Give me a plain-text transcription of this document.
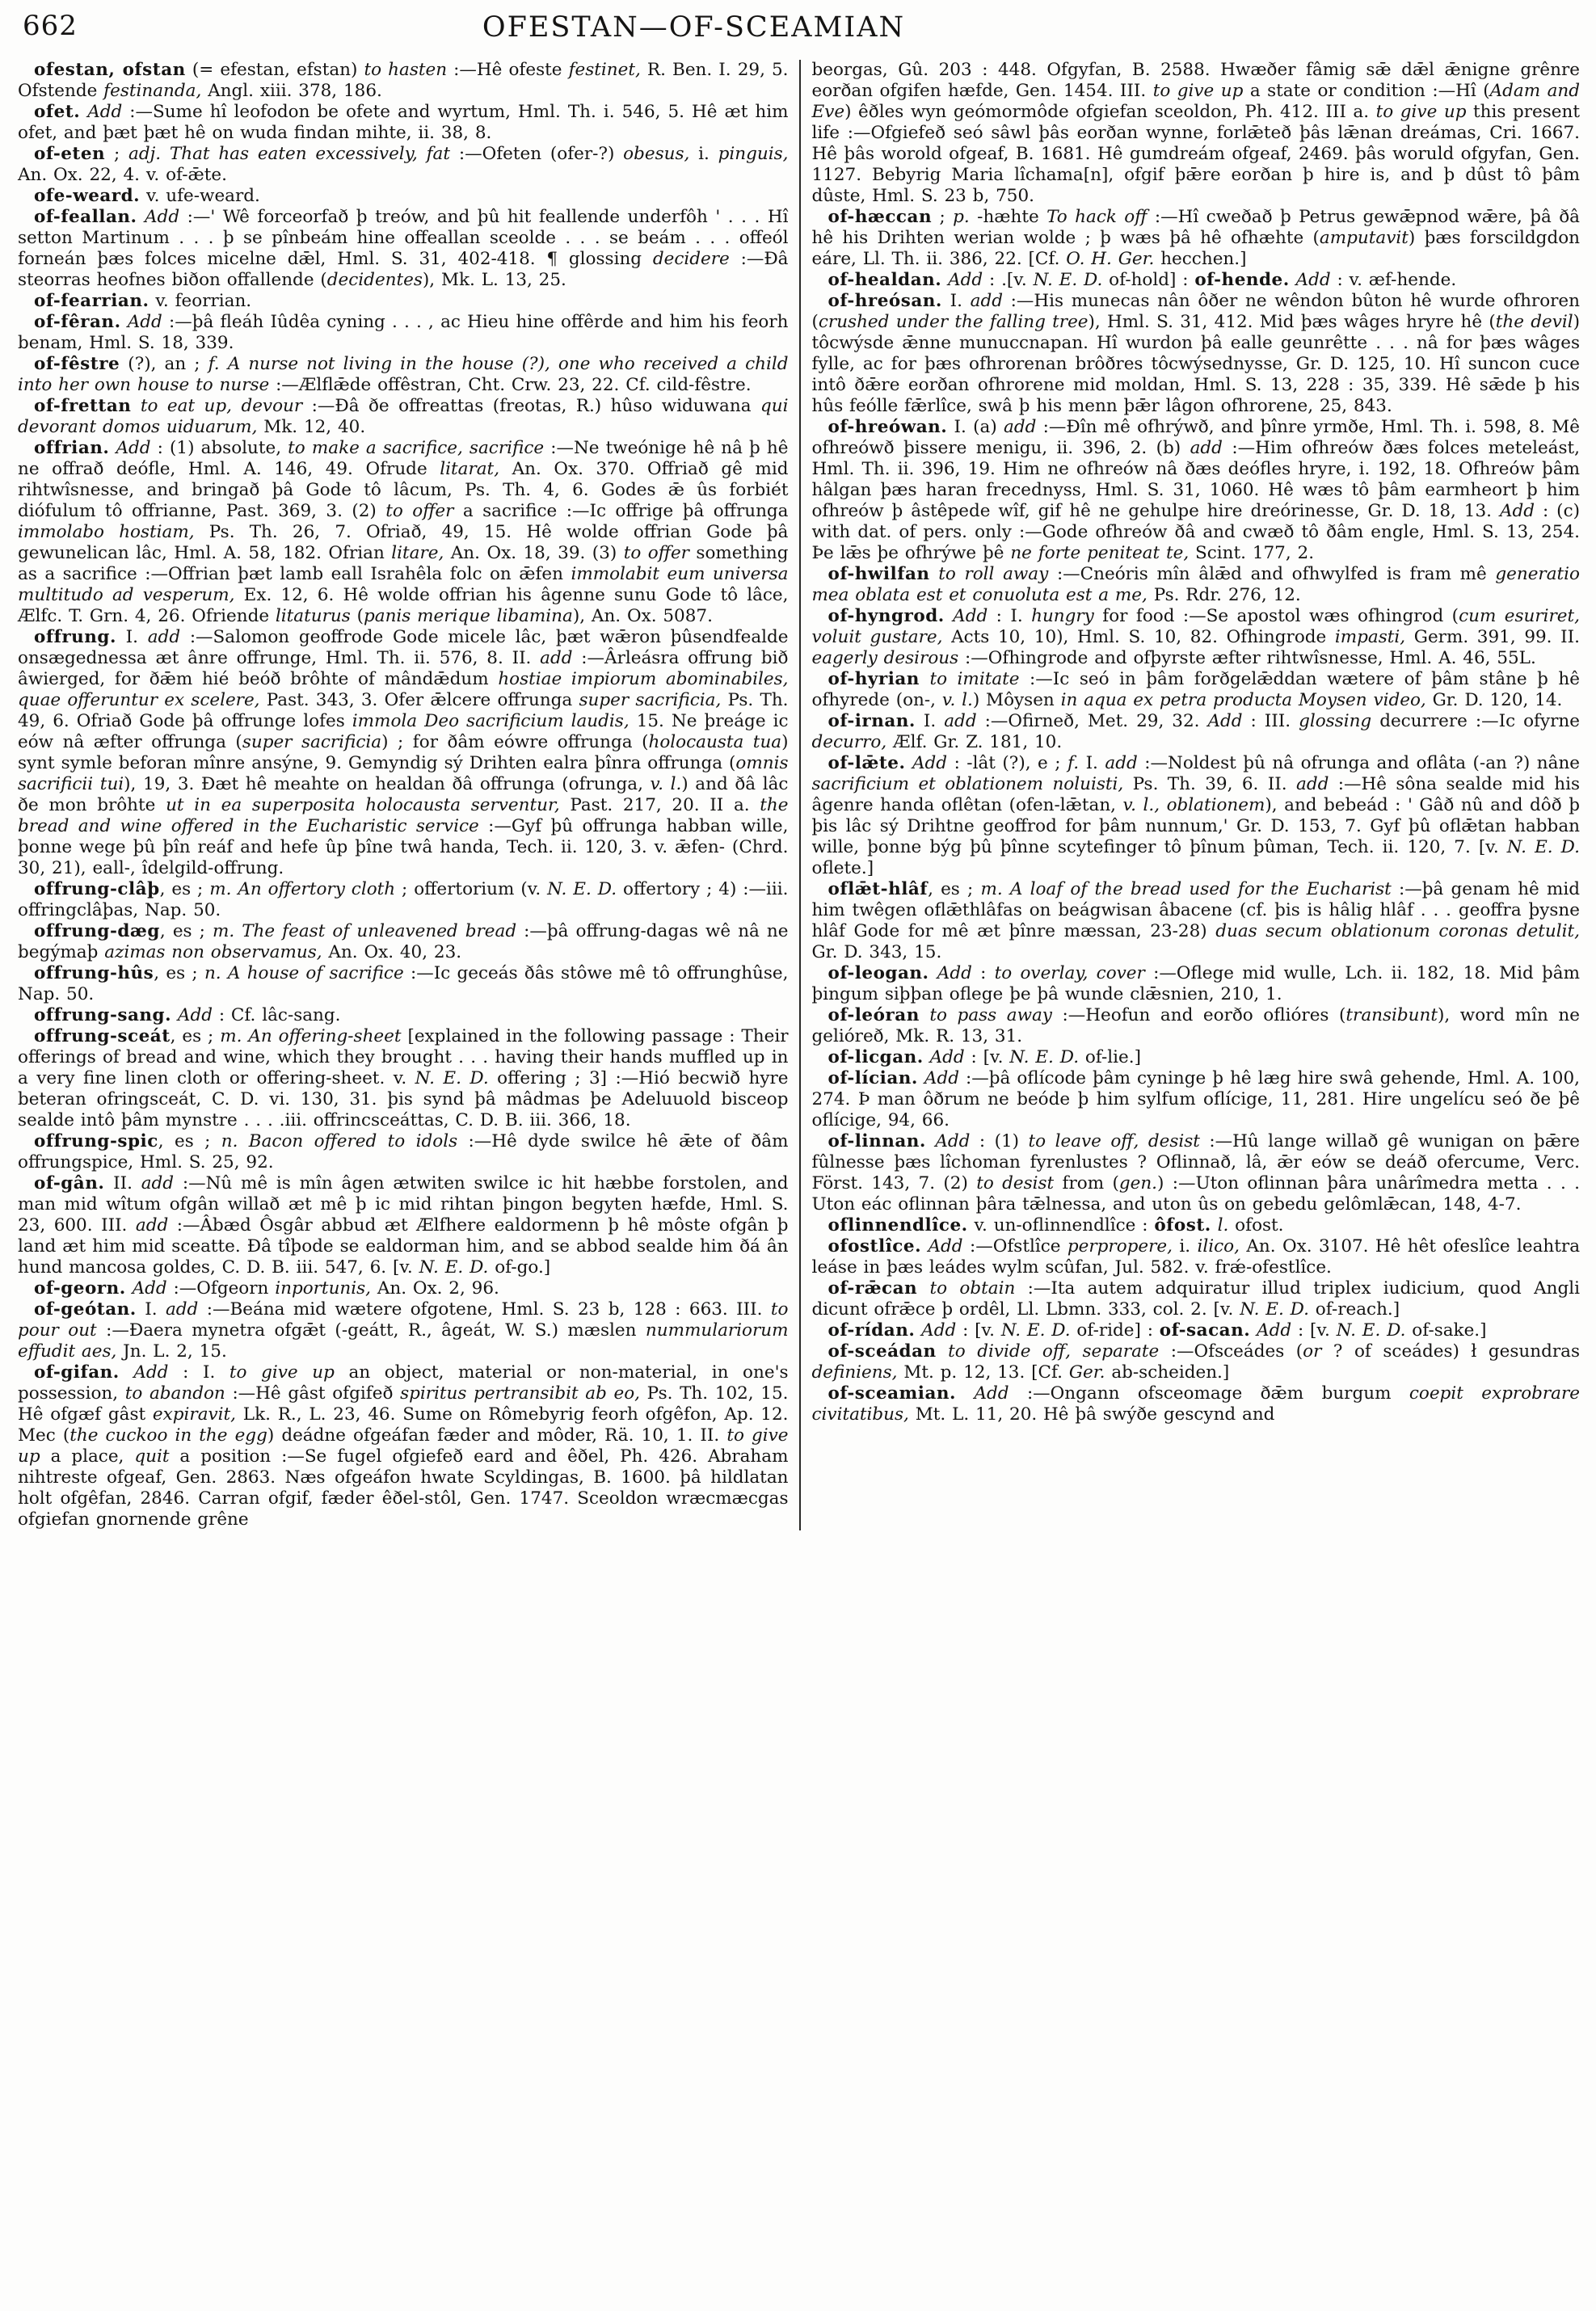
662	OFESTAN—OF-SCEAMIAN

ofestan, ofstan (= efestan, efstan) to hasten :—Hê ofeste festinet, R. Ben. I. 29, 5. Ofstende festinanda, Angl. xiii. 378, 186.

ofet. Add :—Sume hî leofodon be ofete and wyrtum, Hml. Th. i. 546, 5. Hê æt him ofet, and þæt þæt hê on wuda findan mihte, ii. 38, 8.

of-eten ; adj. That has eaten excessively, fat :—Ofeten (ofer-?) obesus, i. pinguis, An. Ox. 22, 4. v. of-ǣte.

ofe-weard. v. ufe-weard.

of-feallan. Add :—' Wê forceorfað þ treów, and þû hit feallende underfôh ' . . . Hî setton Martinum . . . þ se pînbeám hine offeallan sceolde . . . se beám . . . offeól forneán þæs folces micelne dǣl, Hml. S. 31, 402-418. ¶ glossing decidere :—Ðâ steorras heofnes biðon offallende (decidentes), Mk. L. 13, 25.

of-fearrian. v. feorrian.

of-fêran. Add :—þâ fleáh Iûdêa cyning . . . , ac Hieu hine offêrde and him his feorh benam, Hml. S. 18, 339.

of-fêstre (?), an ; f. A nurse not living in the house (?), one who received a child into her own house to nurse :—Ælflǣde offêstran, Cht. Crw. 23, 22. Cf. cild-fêstre.

of-frettan to eat up, devour :—Ðâ ðe offreattas (freotas, R.) hûso widuwana qui devorant domos uiduarum, Mk. 12, 40.

offrian. Add : (1) absolute, to make a sacrifice, sacrifice :—Ne tweónige hê nâ þ hê ne offrað deófle, Hml. A. 146, 49. Ofrude litarat, An. Ox. 370. Offriað gê mid rihtwîsnesse, and bringað þâ Gode tô lâcum, Ps. Th. 4, 6. Godes ǣ ûs forbiét diófulum tô offrianne, Past. 369, 3. (2) to offer a sacrifice :—Ic offrige þâ offrunga immolabo hostiam, Ps. Th. 26, 7. Ofriað, 49, 15. Hê wolde offrian Gode þâ gewunelican lâc, Hml. A. 58, 182. Ofrian litare, An. Ox. 18, 39. (3) to offer something as a sacrifice :—Offrian þæt lamb eall Israhêla folc on ǣfen immolabit eum universa multitudo ad vesperum, Ex. 12, 6. Hê wolde offrian his âgenne sunu Gode tô lâce, Ælfc. T. Grn. 4, 26. Ofriende litaturus (panis merique libamina), An. Ox. 5087.

offrung. I. add :—Salomon geoffrode Gode micele lâc, þæt wǣron þûsendfealde onsægednessa æt ânre offrunge, Hml. Th. ii. 576, 8. II. add :—Ârleásra offrung bið âwierged, for ðǣm hié beóð brôhte of mândǣdum hostiae impiorum abominabiles, quae offeruntur ex scelere, Past. 343, 3. Ofer ǣlcere offrunga super sacrificia, Ps. Th. 49, 6. Ofriað Gode þâ offrunge lofes immola Deo sacrificium laudis, 15. Ne þreáge ic eów nâ æfter offrunga (super sacrificia) ; for ðâm eówre offrunga (holocausta tua) synt symle beforan mînre ansýne, 9. Gemyndig sý Drihten ealra þînra offrunga (omnis sacrificii tui), 19, 3. Ðæt hê meahte on healdan ðâ offrunga (ofrunga, v. l.) and ðâ lâc ðe mon brôhte ut in ea superposita holocausta serventur, Past. 217, 20. II a. the bread and wine offered in the Eucharistic service :—Gyf þû offrunga habban wille, þonne wege þû þîn reáf and hefe ûp þîne twâ handa, Tech. ii. 120, 3. v. ǣfen- (Chrd. 30, 21), eall-, îdelgild-offrung.

offrung-clâþ, es ; m. An offertory cloth ; offertorium (v. N. E. D. offertory ; 4) :—iii. offringclâþas, Nap. 50.

offrung-dæg, es ; m. The feast of unleavened bread :—þâ offrung-dagas wê nâ ne begýmaþ azimas non observamus, An. Ox. 40, 23.

offrung-hûs, es ; n. A house of sacrifice :—Ic geceás ðâs stôwe mê tô offrunghûse, Nap. 50.

offrung-sang. Add : Cf. lâc-sang.

offrung-sceát, es ; m. An offering-sheet [explained in the following passage : Their offerings of bread and wine, which they brought . . . having their hands muffled up in a very fine linen cloth or offering-sheet. v. N. E. D. offering ; 3] :—Hió becwið hyre beteran ofringsceát, C. D. vi. 130, 31. þis synd þâ mâdmas þe Adeluuold bisceop sealde intô þâm mynstre . . . .iii. offrincsceáttas, C. D. B. iii. 366, 18.

offrung-spic, es ; n. Bacon offered to idols :—Hê dyde swilce hê ǣte of ðâm offrungspice, Hml. S. 25, 92.

of-gân. II. add :—Nû mê is mîn âgen ætwiten swilce ic hit hæbbe forstolen, and man mid wîtum ofgân willað æt mê þ ic mid rihtan þingon begyten hæfde, Hml. S. 23, 600. III. add :—Âbæd Ôsgâr abbud æt Ælfhere ealdormenn þ hê môste ofgân þ land æt him mid sceatte. Ðâ tîþode se ealdorman him, and se abbod sealde him ðá ân hund mancosa goldes, C. D. B. iii. 547, 6. [v. N. E. D. of-go.]

of-georn. Add :—Ofgeorn inportunis, An. Ox. 2, 96.

of-geótan. I. add :—Beána mid wætere ofgotene, Hml. S. 23 b, 128 : 663. III. to pour out :—Ðaera mynetra ofgǣt (-geátt, R., âgeát, W. S.) mæslen nummulariorum effudit aes, Jn. L. 2, 15.

of-gifan. Add : I. to give up an object, material or non-material, in one's possession, to abandon :—Hê gâst ofgifeð spiritus pertransibit ab eo, Ps. Th. 102, 15. Hê ofgæf gâst expiravit, Lk. R., L. 23, 46. Sume on Rômebyrig feorh ofgêfon, Ap. 12. Mec (the cuckoo in the egg) deádne ofgeáfan fæder and môder, Rä. 10, 1. II. to give up a place, quit a position :—Se fugel ofgiefeð eard and êðel, Ph. 426. Abraham nihtreste ofgeaf, Gen. 2863. Næs ofgeáfon hwate Scyldingas, B. 1600. þâ hildlatan holt ofgêfan, 2846. Carran ofgif, fæder êðel-stôl, Gen. 1747. Sceoldon wræcmæcgas ofgiefan gnornende grêne

beorgas, Gû. 203 : 448. Ofgyfan, B. 2588. Hwæðer fâmig sǣ dǣl ǣnigne grênre eorðan ofgifen hæfde, Gen. 1454. III. to give up a state or condition :—Hî (Adam and Eve) êðles wyn geómormôde ofgiefan sceoldon, Ph. 412. III a. to give up this present life :—Ofgiefeð seó sâwl þâs eorðan wynne, forlǣteð þâs lǣnan dreámas, Cri. 1667. Hê þâs worold ofgeaf, B. 1681. Hê gumdreám ofgeaf, 2469. þâs woruld ofgyfan, Gen. 1127. Bebyrig Maria lîchama[n], ofgif þǣre eorðan þ hire is, and þ dûst tô þâm dûste, Hml. S. 23 b, 750.

of-hæccan ; p. -hæhte To hack off :—Hî cweðað þ Petrus gewǣpnod wǣre, þâ ðâ hê his Drihten werian wolde ; þ wæs þâ hê ofhæhte (amputavit) þæs forscildgdon eáre, Ll. Th. ii. 386, 22. [Cf. O. H. Ger. hecchen.]

of-healdan. Add : .[v. N. E. D. of-hold] : of-hende. Add : v. æf-hende.

of-hreósan. I. add :—His munecas nân ôðer ne wêndon bûton hê wurde ofhroren (crushed under the falling tree), Hml. S. 31, 412. Mid þæs wâges hryre hê (the devil) tôcwýsde ǣnne munuccnapan. Hî wurdon þâ ealle geunrêtte . . . nâ for þæs wâges fylle, ac for þæs ofhrorenan brôðres tôcwýsednysse, Gr. D. 125, 10. Hî suncon cuce intô ðǣre eorðan ofhrorene mid moldan, Hml. S. 13, 228 : 35, 339. Hê sǣde þ his hûs feólle fǣrlîce, swâ þ his menn þǣr lâgon ofhrorene, 25, 843.

of-hreówan. I. (a) add :—Ðîn mê ofhrýwð, and þînre yrmðe, Hml. Th. i. 598, 8. Mê ofhreówð þissere menigu, ii. 396, 2. (b) add :—Him ofhreów ðæs folces meteleást, Hml. Th. ii. 396, 19. Him ne ofhreów nâ ðæs deófles hryre, i. 192, 18. Ofhreów þâm hâlgan þæs haran frecednyss, Hml. S. 31, 1060. Hê wæs tô þâm earmheort þ him ofhreów þ âstêpede wîf, gif hê ne gehulpe hire dreórinesse, Gr. D. 18, 13. Add : (c) with dat. of pers. only :—Gode ofhreów ðâ and cwæð tô ðâm engle, Hml. S. 13, 254. Þe lǣs þe ofhrýwe þê ne forte peniteat te, Scint. 177, 2.

of-hwilfan to roll away :—Cneóris mîn âlǣd and ofhwylfed is fram mê generatio mea oblata est et conuoluta est a me, Ps. Rdr. 276, 12.

of-hyngrod. Add : I. hungry for food :—Se apostol wæs ofhingrod (cum esuriret, voluit gustare, Acts 10, 10), Hml. S. 10, 82. Ofhingrode impasti, Germ. 391, 99. II. eagerly desirous :—Ofhingrode and ofþyrste æfter rihtwîsnesse, Hml. A. 46, 55L.

of-hyrian to imitate :—Ic seó in þâm forðgelǣddan wætere of þâm stâne þ hê ofhyrede (on-, v. l.) Môysen in aqua ex petra producta Moysen video, Gr. D. 120, 14.

of-irnan. I. add :—Ofirneð, Met. 29, 32. Add : III. glossing decurrere :—Ic ofyrne decurro, Ælf. Gr. Z. 181, 10.

of-lǣte. Add : -lât (?), e ; f. I. add :—Noldest þû nâ ofrunga and oflâta (-an ?) nâne sacrificium et oblationem noluisti, Ps. Th. 39, 6. II. add :—Hê sôna sealde mid his âgenre handa oflêtan (ofen-lǣtan, v. l., oblationem), and bebeád : ' Gâð nû and dôð þ þis lâc sý Drihtne geoffrod for þâm nunnum,' Gr. D. 153, 7. Gyf þû oflǣtan habban wille, þonne býg þû þînne scytefinger tô þînum þûman, Tech. ii. 120, 7. [v. N. E. D. oflete.]

oflǣt-hlâf, es ; m. A loaf of the bread used for the Eucharist :—þâ genam hê mid him twêgen oflǣthlâfas on beágwisan âbacene (cf. þis is hâlig hlâf . . . geoffra þysne hlâf Gode for mê æt þînre mæssan, 23-28) duas secum oblationum coronas detulit, Gr. D. 343, 15.

of-leogan. Add : to overlay, cover :—Oflege mid wulle, Lch. ii. 182, 18. Mid þâm þingum siþþan oflege þe þâ wunde clǣsnien, 210, 1.

of-leóran to pass away :—Heofun and eorðo oflióres (transibunt), word mîn ne gelióreð, Mk. R. 13, 31.

of-licgan. Add : [v. N. E. D. of-lie.]

of-lícian. Add :—þâ oflícode þâm cyninge þ hê læg hire swâ gehende, Hml. A. 100, 274. Þ man ôðrum ne beóde þ him sylfum oflícige, 11, 281. Hire ungelícu seó ðe þê oflícige, 94, 66.

of-linnan. Add : (1) to leave off, desist :—Hû lange willað gê wunigan on þǣre fûlnesse þæs lîchoman fyrenlustes ? Oflinnað, lâ, ǣr eów se deáð ofercume, Verc. Först. 143, 7. (2) to desist from (gen.) :—Uton oflinnan þâra unârîmedra metta . . . Uton eác oflinnan þâra tǣlnessa, and uton ûs on gebedu gelômlǣcan, 148, 4-7.

oflinnendlîce. v. un-oflinnendlîce : ôfost. l. ofost.

ofostlîce. Add :—Ofstlîce perpropere, i. ilico, An. Ox. 3107. Hê hêt ofeslîce leahtra leáse in þæs leádes wylm scûfan, Jul. 582. v. frǽ-ofestlîce.

of-rǣcan to obtain :—Ita autem adquiratur illud triplex iudicium, quod Angli dicunt ofrǣce þ ordêl, Ll. Lbmn. 333, col. 2. [v. N. E. D. of-reach.]

of-rídan. Add : [v. N. E. D. of-ride] : of-sacan. Add : [v. N. E. D. of-sake.]

of-sceádan to divide off, separate :—Ofsceádes (or ? of sceádes) ł gesundras definiens, Mt. p. 12, 13. [Cf. Ger. ab-scheiden.]

of-sceamian. Add :—Ongann ofsceomage ðǣm burgum coepit exprobrare civitatibus, Mt. L. 11, 20. Hê þâ swýðe gescynd and
